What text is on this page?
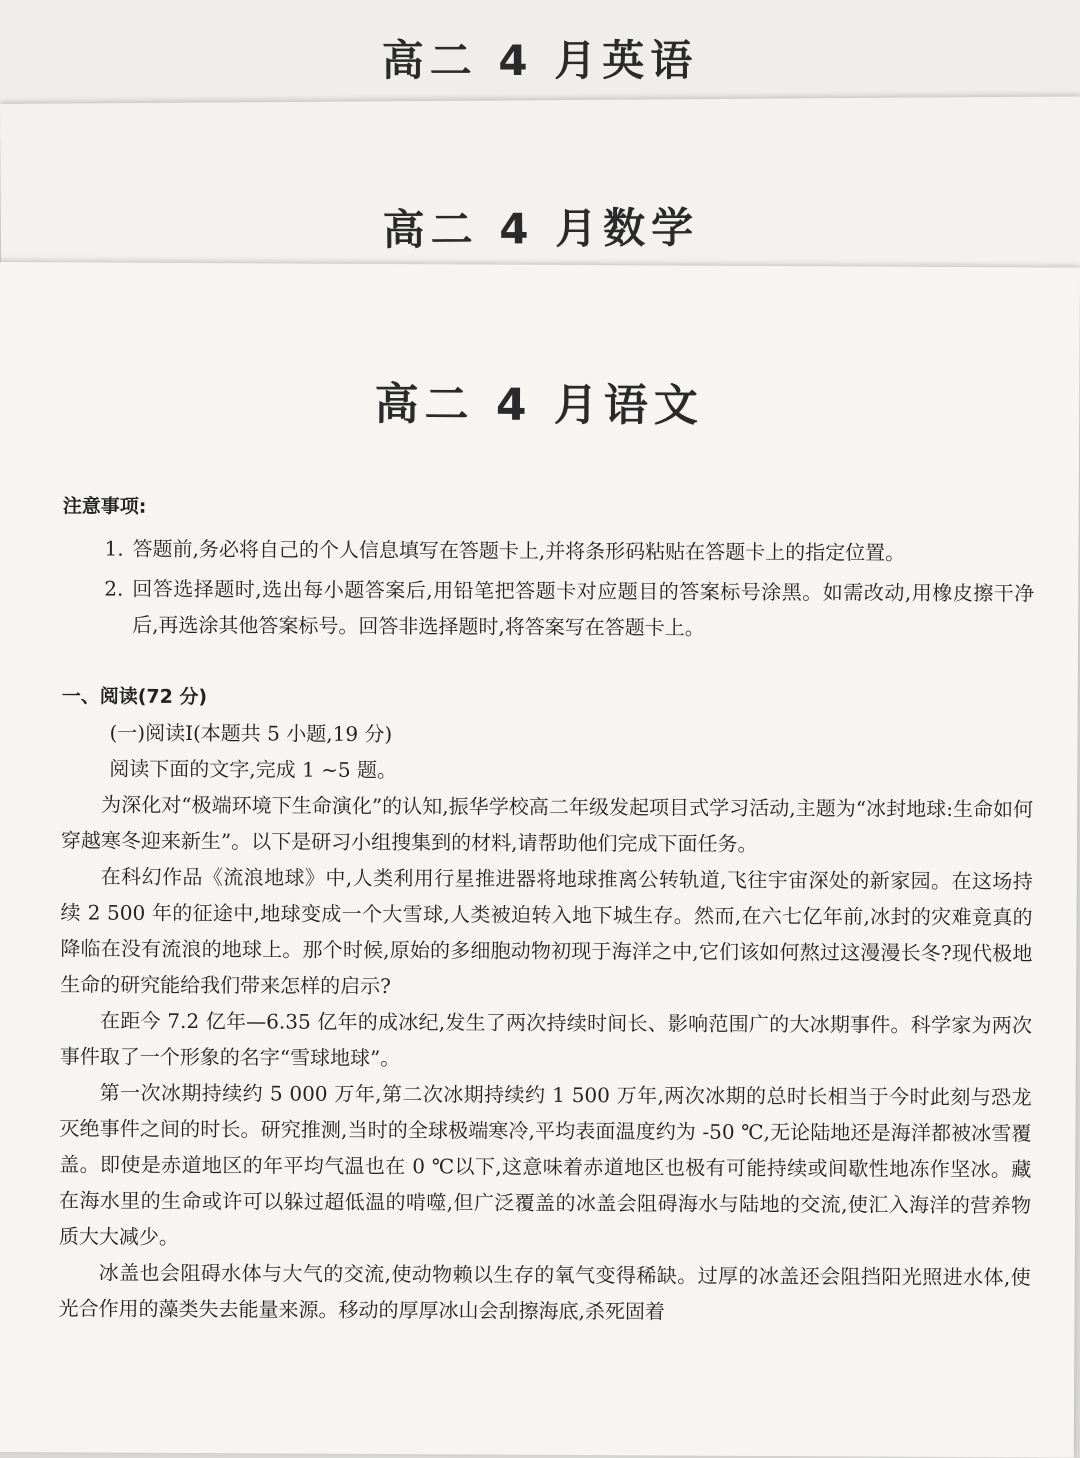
高二 4 月英语
高二 4 月数学
高二 4 月语文

注意事项:

1. 答题前,务必将自己的个人信息填写在答题卡上,并将条形码粘贴在答题卡上的指定位置。
2. 回答选择题时,选出每小题答案后,用铅笔把答题卡对应题目的答案标号涂黑。如需改动,用橡皮擦干净后,再选涂其他答案标号。回答非选择题时,将答案写在答题卡上。

一、阅读(72 分)

(一)阅读Ⅰ(本题共 5 小题,19 分)

阅读下面的文字,完成 1 ~5 题。

为深化对“极端环境下生命演化”的认知,振华学校高二年级发起项目式学习活动,主题为“冰封地球:生命如何穿越寒冬迎来新生”。以下是研习小组搜集到的材料,请帮助他们完成下面任务。

在科幻作品《流浪地球》中,人类利用行星推进器将地球推离公转轨道,飞往宇宙深处的新家园。在这场持续 2 500 年的征途中,地球变成一个大雪球,人类被迫转入地下城生存。然而,在六七亿年前,冰封的灾难竟真的降临在没有流浪的地球上。那个时候,原始的多细胞动物初现于海洋之中,它们该如何熬过这漫漫长冬?现代极地生命的研究能给我们带来怎样的启示?

在距今 7.2 亿年—6.35 亿年的成冰纪,发生了两次持续时间长、影响范围广的大冰期事件。科学家为两次事件取了一个形象的名字“雪球地球”。

第一次冰期持续约 5 000 万年,第二次冰期持续约 1 500 万年,两次冰期的总时长相当于今时此刻与恐龙灭绝事件之间的时长。研究推测,当时的全球极端寒冷,平均表面温度约为 -50 ℃,无论陆地还是海洋都被冰雪覆盖。即使是赤道地区的年平均气温也在 0 ℃以下,这意味着赤道地区也极有可能持续或间歇性地冻作坚冰。藏在海水里的生命或许可以躲过超低温的啃噬,但广泛覆盖的冰盖会阻碍海水与陆地的交流,使汇入海洋的营养物质大大减少。

冰盖也会阻碍水体与大气的交流,使动物赖以生存的氧气变得稀缺。过厚的冰盖还会阻挡阳光照进水体,使光合作用的藻类失去能量来源。移动的厚厚冰山会刮擦海底,杀死固着
